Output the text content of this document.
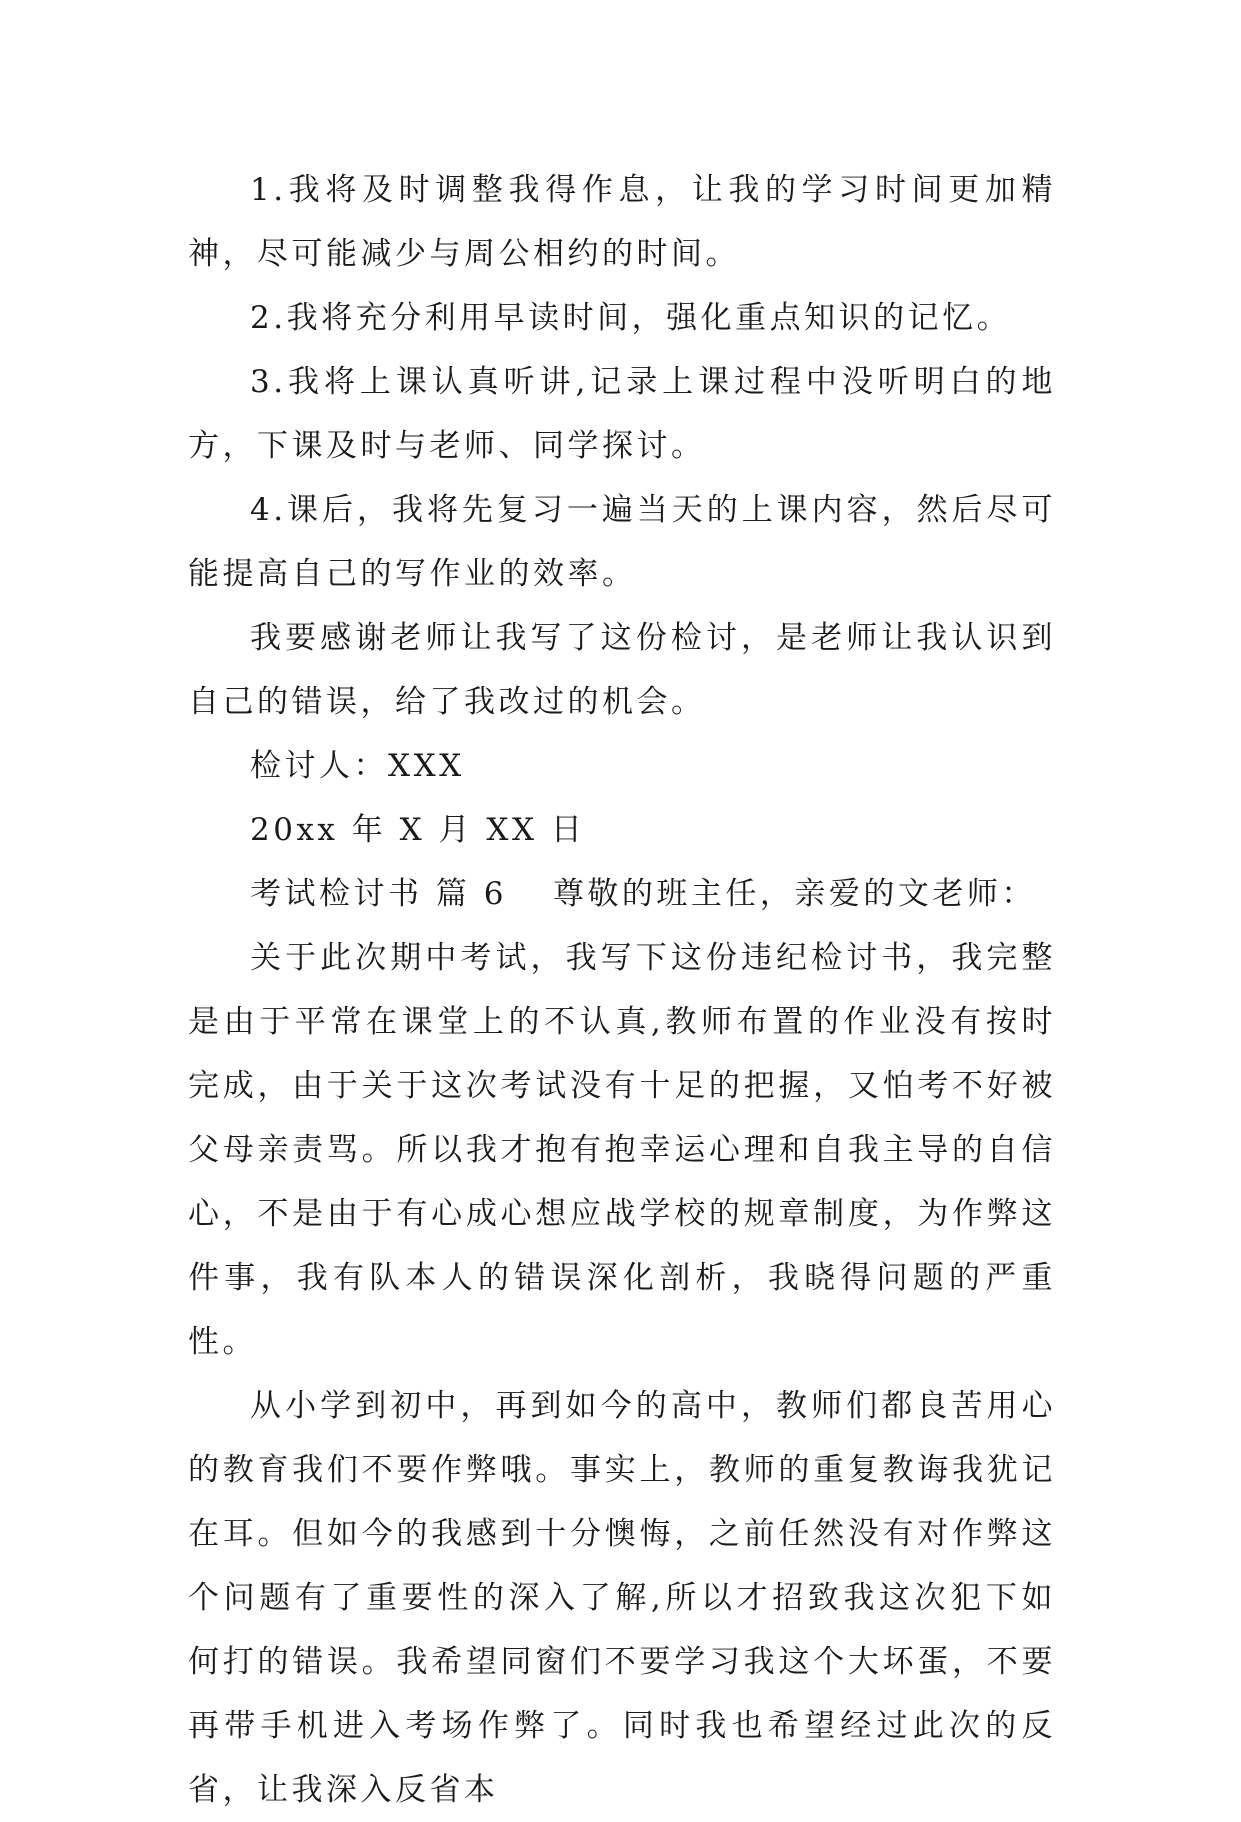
1.我将及时调整我得作息，让我的学习时间更加精神，尽可能减少与周公相约的时间。

2.我将充分利用早读时间，强化重点知识的记忆。

3.我将上课认真听讲,记录上课过程中没听明白的地方，下课及时与老师、同学探讨。

4.课后，我将先复习一遍当天的上课内容，然后尽可能提高自己的写作业的效率。

我要感谢老师让我写了这份检讨，是老师让我认识到自己的错误，给了我改过的机会。

检讨人：XXX

20xx 年 X 月 XX 日

考试检讨书 篇 6 尊敬的班主任，亲爱的文老师：

关于此次期中考试，我写下这份违纪检讨书，我完整是由于平常在课堂上的不认真,教师布置的作业没有按时完成，由于关于这次考试没有十足的把握，又怕考不好被父母亲责骂。所以我才抱有抱幸运心理和自我主导的自信心，不是由于有心成心想应战学校的规章制度，为作弊这件事，我有队本人的错误深化剖析，我晓得问题的严重性。

从小学到初中，再到如今的高中，教师们都良苦用心的教育我们不要作弊哦。事实上，教师的重复教诲我犹记在耳。但如今的我感到十分懊悔，之前任然没有对作弊这个问题有了重要性的深入了解,所以才招致我这次犯下如何打的错误。我希望同窗们不要学习我这个大坏蛋，不要再带手机进入考场作弊了。同时我也希望经过此次的反省，让我深入反省本
